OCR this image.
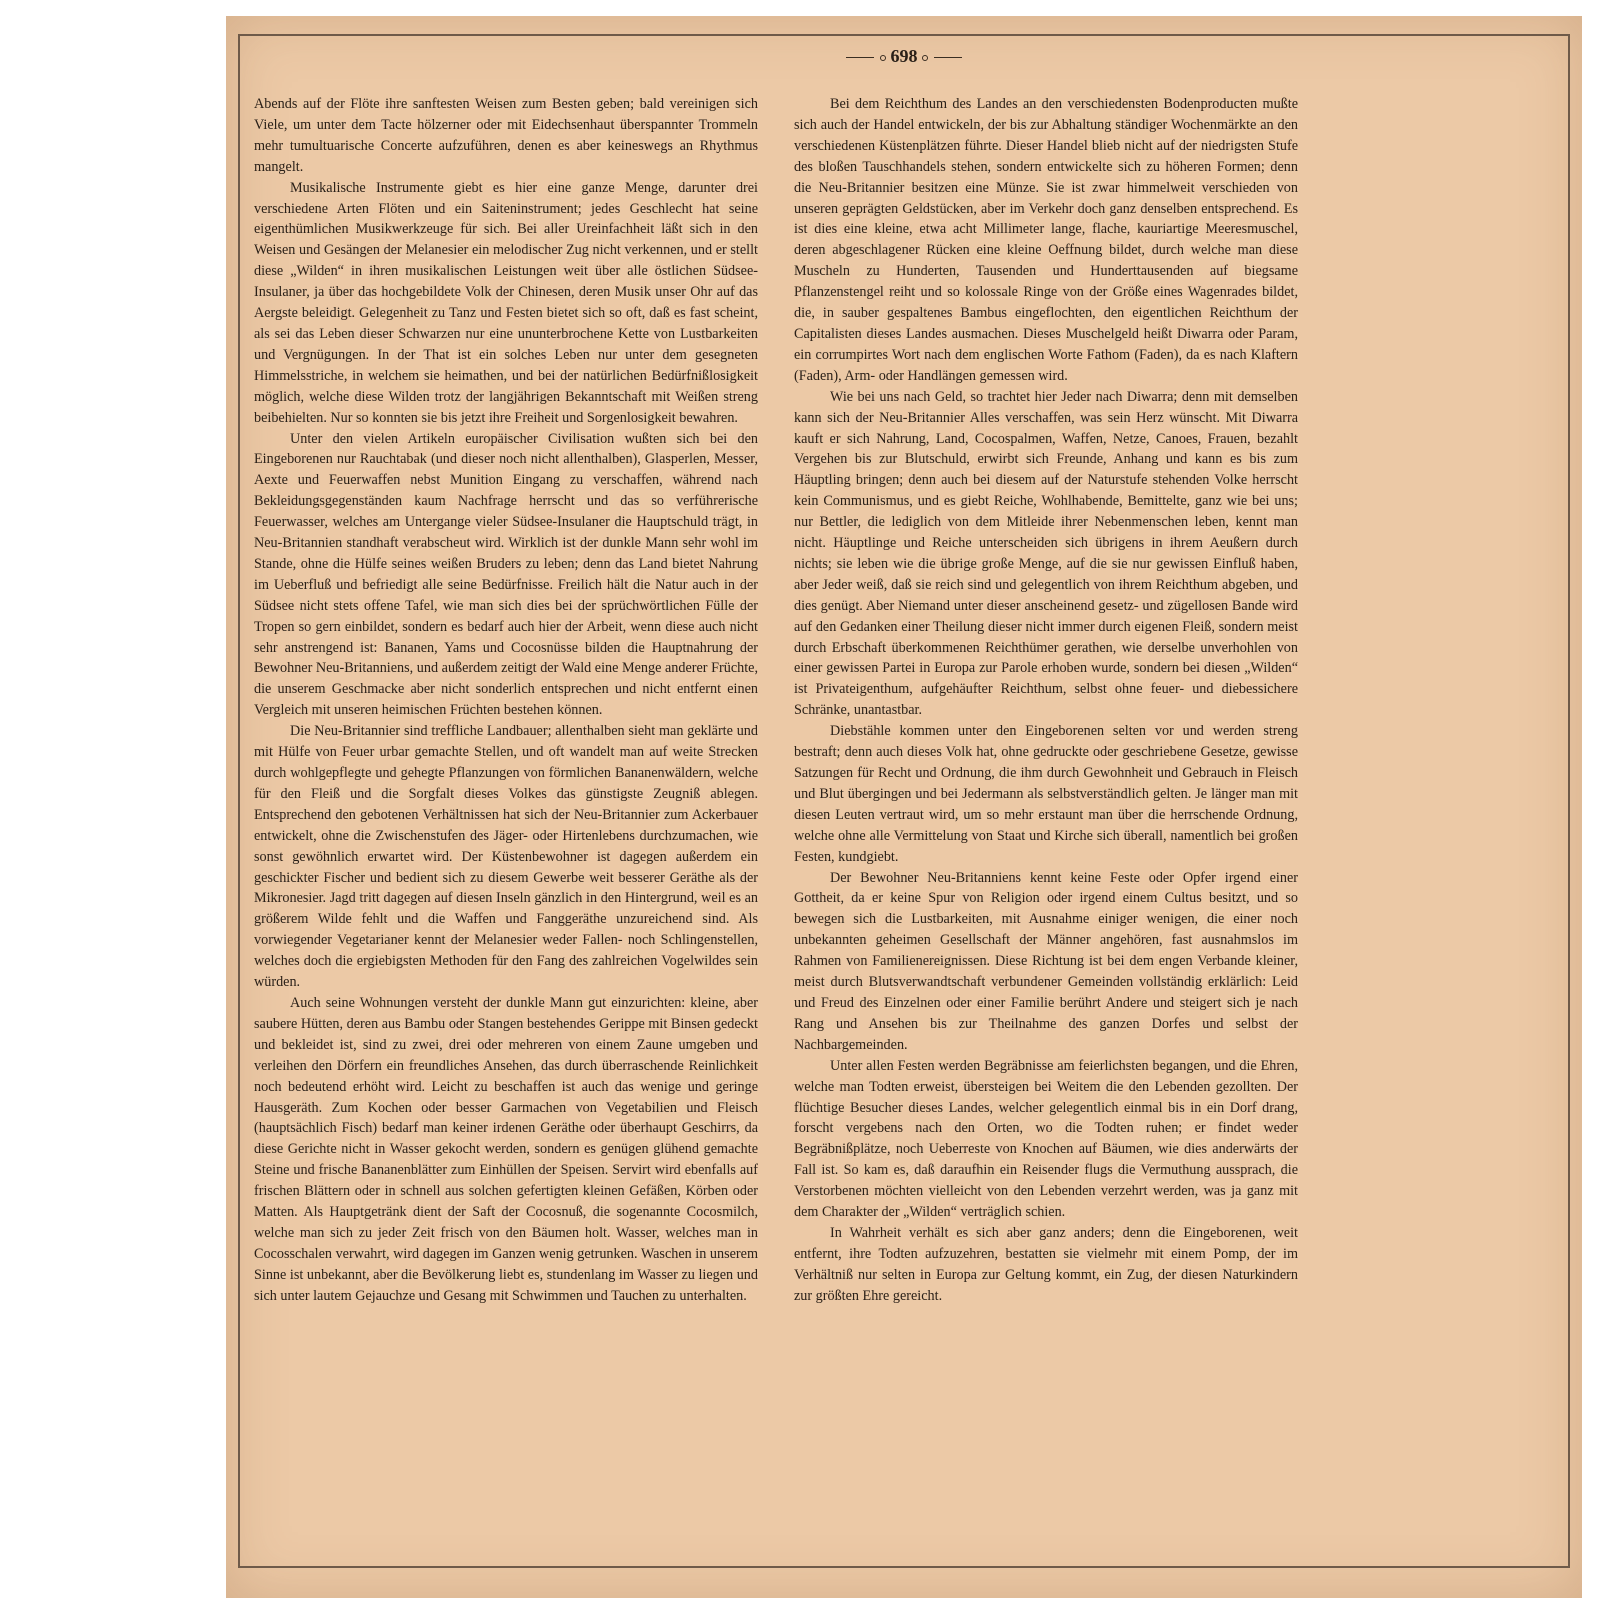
698

Abends auf der Flöte ihre sanftesten Weisen zum Besten geben; bald vereinigen sich Viele, um unter dem Tacte hölzerner oder mit Eidechsenhaut überspannter Trommeln mehr tumultuarische Concerte aufzuführen, denen es aber keineswegs an Rhythmus mangelt.

Musikalische Instrumente giebt es hier eine ganze Menge, darunter drei verschiedene Arten Flöten und ein Saiteninstrument; jedes Geschlecht hat seine eigenthümlichen Musikwerkzeuge für sich. Bei aller Ureinfachheit läßt sich in den Weisen und Gesängen der Melanesier ein melodischer Zug nicht verkennen, und er stellt diese „Wilden“ in ihren musikalischen Leistungen weit über alle östlichen Südsee-Insulaner, ja über das hochgebildete Volk der Chinesen, deren Musik unser Ohr auf das Aergste beleidigt. Gelegenheit zu Tanz und Festen bietet sich so oft, daß es fast scheint, als sei das Leben dieser Schwarzen nur eine ununterbrochene Kette von Lustbarkeiten und Vergnügungen. In der That ist ein solches Leben nur unter dem gesegneten Himmelsstriche, in welchem sie heimathen, und bei der natürlichen Bedürfnißlosigkeit möglich, welche diese Wilden trotz der langjährigen Bekanntschaft mit Weißen streng beibehielten. Nur so konnten sie bis jetzt ihre Freiheit und Sorgenlosigkeit bewahren.

Unter den vielen Artikeln europäischer Civilisation wußten sich bei den Eingeborenen nur Rauchtabak (und dieser noch nicht allenthalben), Glasperlen, Messer, Aexte und Feuerwaffen nebst Munition Eingang zu verschaffen, während nach Bekleidungsgegenständen kaum Nachfrage herrscht und das so verführerische Feuerwasser, welches am Untergange vieler Südsee-Insulaner die Hauptschuld trägt, in Neu-Britannien standhaft verabscheut wird. Wirklich ist der dunkle Mann sehr wohl im Stande, ohne die Hülfe seines weißen Bruders zu leben; denn das Land bietet Nahrung im Ueberfluß und befriedigt alle seine Bedürfnisse. Freilich hält die Natur auch in der Südsee nicht stets offene Tafel, wie man sich dies bei der sprüchwörtlichen Fülle der Tropen so gern einbildet, sondern es bedarf auch hier der Arbeit, wenn diese auch nicht sehr anstrengend ist: Bananen, Yams und Cocosnüsse bilden die Hauptnahrung der Bewohner Neu-Britanniens, und außerdem zeitigt der Wald eine Menge anderer Früchte, die unserem Geschmacke aber nicht sonderlich entsprechen und nicht entfernt einen Vergleich mit unseren heimischen Früchten bestehen können.

Die Neu-Britannier sind treffliche Landbauer; allenthalben sieht man geklärte und mit Hülfe von Feuer urbar gemachte Stellen, und oft wandelt man auf weite Strecken durch wohlgepflegte und gehegte Pflanzungen von förmlichen Bananenwäldern, welche für den Fleiß und die Sorgfalt dieses Volkes das günstigste Zeugniß ablegen. Entsprechend den gebotenen Verhältnissen hat sich der Neu-Britannier zum Ackerbauer entwickelt, ohne die Zwischenstufen des Jäger- oder Hirtenlebens durchzumachen, wie sonst gewöhnlich erwartet wird. Der Küstenbewohner ist dagegen außerdem ein geschickter Fischer und bedient sich zu diesem Gewerbe weit besserer Geräthe als der Mikronesier. Jagd tritt dagegen auf diesen Inseln gänzlich in den Hintergrund, weil es an größerem Wilde fehlt und die Waffen und Fanggeräthe unzureichend sind. Als vorwiegender Vegetarianer kennt der Melanesier weder Fallen- noch Schlingenstellen, welches doch die ergiebigsten Methoden für den Fang des zahlreichen Vogelwildes sein würden.

Auch seine Wohnungen versteht der dunkle Mann gut einzurichten: kleine, aber saubere Hütten, deren aus Bambu oder Stangen bestehendes Gerippe mit Binsen gedeckt und bekleidet ist, sind zu zwei, drei oder mehreren von einem Zaune umgeben und verleihen den Dörfern ein freundliches Ansehen, das durch überraschende Reinlichkeit noch bedeutend erhöht wird. Leicht zu beschaffen ist auch das wenige und geringe Hausgeräth. Zum Kochen oder besser Garmachen von Vegetabilien und Fleisch (hauptsächlich Fisch) bedarf man keiner irdenen Geräthe oder überhaupt Geschirrs, da diese Gerichte nicht in Wasser gekocht werden, sondern es genügen glühend gemachte Steine und frische Bananenblätter zum Einhüllen der Speisen. Servirt wird ebenfalls auf frischen Blättern oder in schnell aus solchen gefertigten kleinen Gefäßen, Körben oder Matten. Als Hauptgetränk dient der Saft der Cocosnuß, die sogenannte Cocosmilch, welche man sich zu jeder Zeit frisch von den Bäumen holt. Wasser, welches man in Cocosschalen verwahrt, wird dagegen im Ganzen wenig getrunken. Waschen in unserem Sinne ist unbekannt, aber die Bevölkerung liebt es, stundenlang im Wasser zu liegen und sich unter lautem Gejauchze und Gesang mit Schwimmen und Tauchen zu unterhalten.

Bei dem Reichthum des Landes an den verschiedensten Bodenproducten mußte sich auch der Handel entwickeln, der bis zur Abhaltung ständiger Wochenmärkte an den verschiedenen Küstenplätzen führte. Dieser Handel blieb nicht auf der niedrigsten Stufe des bloßen Tauschhandels stehen, sondern entwickelte sich zu höheren Formen; denn die Neu-Britannier besitzen eine Münze. Sie ist zwar himmelweit verschieden von unseren geprägten Geldstücken, aber im Verkehr doch ganz denselben entsprechend. Es ist dies eine kleine, etwa acht Millimeter lange, flache, kauriartige Meeresmuschel, deren abgeschlagener Rücken eine kleine Oeffnung bildet, durch welche man diese Muscheln zu Hunderten, Tausenden und Hunderttausenden auf biegsame Pflanzenstengel reiht und so kolossale Ringe von der Größe eines Wagenrades bildet, die, in sauber gespaltenes Bambus eingeflochten, den eigentlichen Reichthum der Capitalisten dieses Landes ausmachen. Dieses Muschelgeld heißt Diwarra oder Param, ein corrumpirtes Wort nach dem englischen Worte Fathom (Faden), da es nach Klaftern (Faden), Arm- oder Handlängen gemessen wird.

Wie bei uns nach Geld, so trachtet hier Jeder nach Diwarra; denn mit demselben kann sich der Neu-Britannier Alles verschaffen, was sein Herz wünscht. Mit Diwarra kauft er sich Nahrung, Land, Cocospalmen, Waffen, Netze, Canoes, Frauen, bezahlt Vergehen bis zur Blutschuld, erwirbt sich Freunde, Anhang und kann es bis zum Häuptling bringen; denn auch bei diesem auf der Naturstufe stehenden Volke herrscht kein Communismus, und es giebt Reiche, Wohlhabende, Bemittelte, ganz wie bei uns; nur Bettler, die lediglich von dem Mitleide ihrer Nebenmenschen leben, kennt man nicht. Häuptlinge und Reiche unterscheiden sich übrigens in ihrem Aeußern durch nichts; sie leben wie die übrige große Menge, auf die sie nur gewissen Einfluß haben, aber Jeder weiß, daß sie reich sind und gelegentlich von ihrem Reichthum abgeben, und dies genügt. Aber Niemand unter dieser anscheinend gesetz- und zügellosen Bande wird auf den Gedanken einer Theilung dieser nicht immer durch eigenen Fleiß, sondern meist durch Erbschaft überkommenen Reichthümer gerathen, wie derselbe unverhohlen von einer gewissen Partei in Europa zur Parole erhoben wurde, sondern bei diesen „Wilden“ ist Privateigenthum, aufgehäufter Reichthum, selbst ohne feuer- und diebessichere Schränke, unantastbar.

Diebstähle kommen unter den Eingeborenen selten vor und werden streng bestraft; denn auch dieses Volk hat, ohne gedruckte oder geschriebene Gesetze, gewisse Satzungen für Recht und Ordnung, die ihm durch Gewohnheit und Gebrauch in Fleisch und Blut übergingen und bei Jedermann als selbstverständlich gelten. Je länger man mit diesen Leuten vertraut wird, um so mehr erstaunt man über die herrschende Ordnung, welche ohne alle Vermittelung von Staat und Kirche sich überall, namentlich bei großen Festen, kundgiebt.

Der Bewohner Neu-Britanniens kennt keine Feste oder Opfer irgend einer Gottheit, da er keine Spur von Religion oder irgend einem Cultus besitzt, und so bewegen sich die Lustbarkeiten, mit Ausnahme einiger wenigen, die einer noch unbekannten geheimen Gesellschaft der Männer angehören, fast ausnahmslos im Rahmen von Familienereignissen. Diese Richtung ist bei dem engen Verbande kleiner, meist durch Blutsverwandtschaft verbundener Gemeinden vollständig erklärlich: Leid und Freud des Einzelnen oder einer Familie berührt Andere und steigert sich je nach Rang und Ansehen bis zur Theilnahme des ganzen Dorfes und selbst der Nachbargemeinden.

Unter allen Festen werden Begräbnisse am feierlichsten begangen, und die Ehren, welche man Todten erweist, übersteigen bei Weitem die den Lebenden gezollten. Der flüchtige Besucher dieses Landes, welcher gelegentlich einmal bis in ein Dorf drang, forscht vergebens nach den Orten, wo die Todten ruhen; er findet weder Begräbnißplätze, noch Ueberreste von Knochen auf Bäumen, wie dies anderwärts der Fall ist. So kam es, daß daraufhin ein Reisender flugs die Vermuthung aussprach, die Verstorbenen möchten vielleicht von den Lebenden verzehrt werden, was ja ganz mit dem Charakter der „Wilden“ verträglich schien.

In Wahrheit verhält es sich aber ganz anders; denn die Eingeborenen, weit entfernt, ihre Todten aufzuzehren, bestatten sie vielmehr mit einem Pomp, der im Verhältniß nur selten in Europa zur Geltung kommt, ein Zug, der diesen Naturkindern zur größten Ehre gereicht.
